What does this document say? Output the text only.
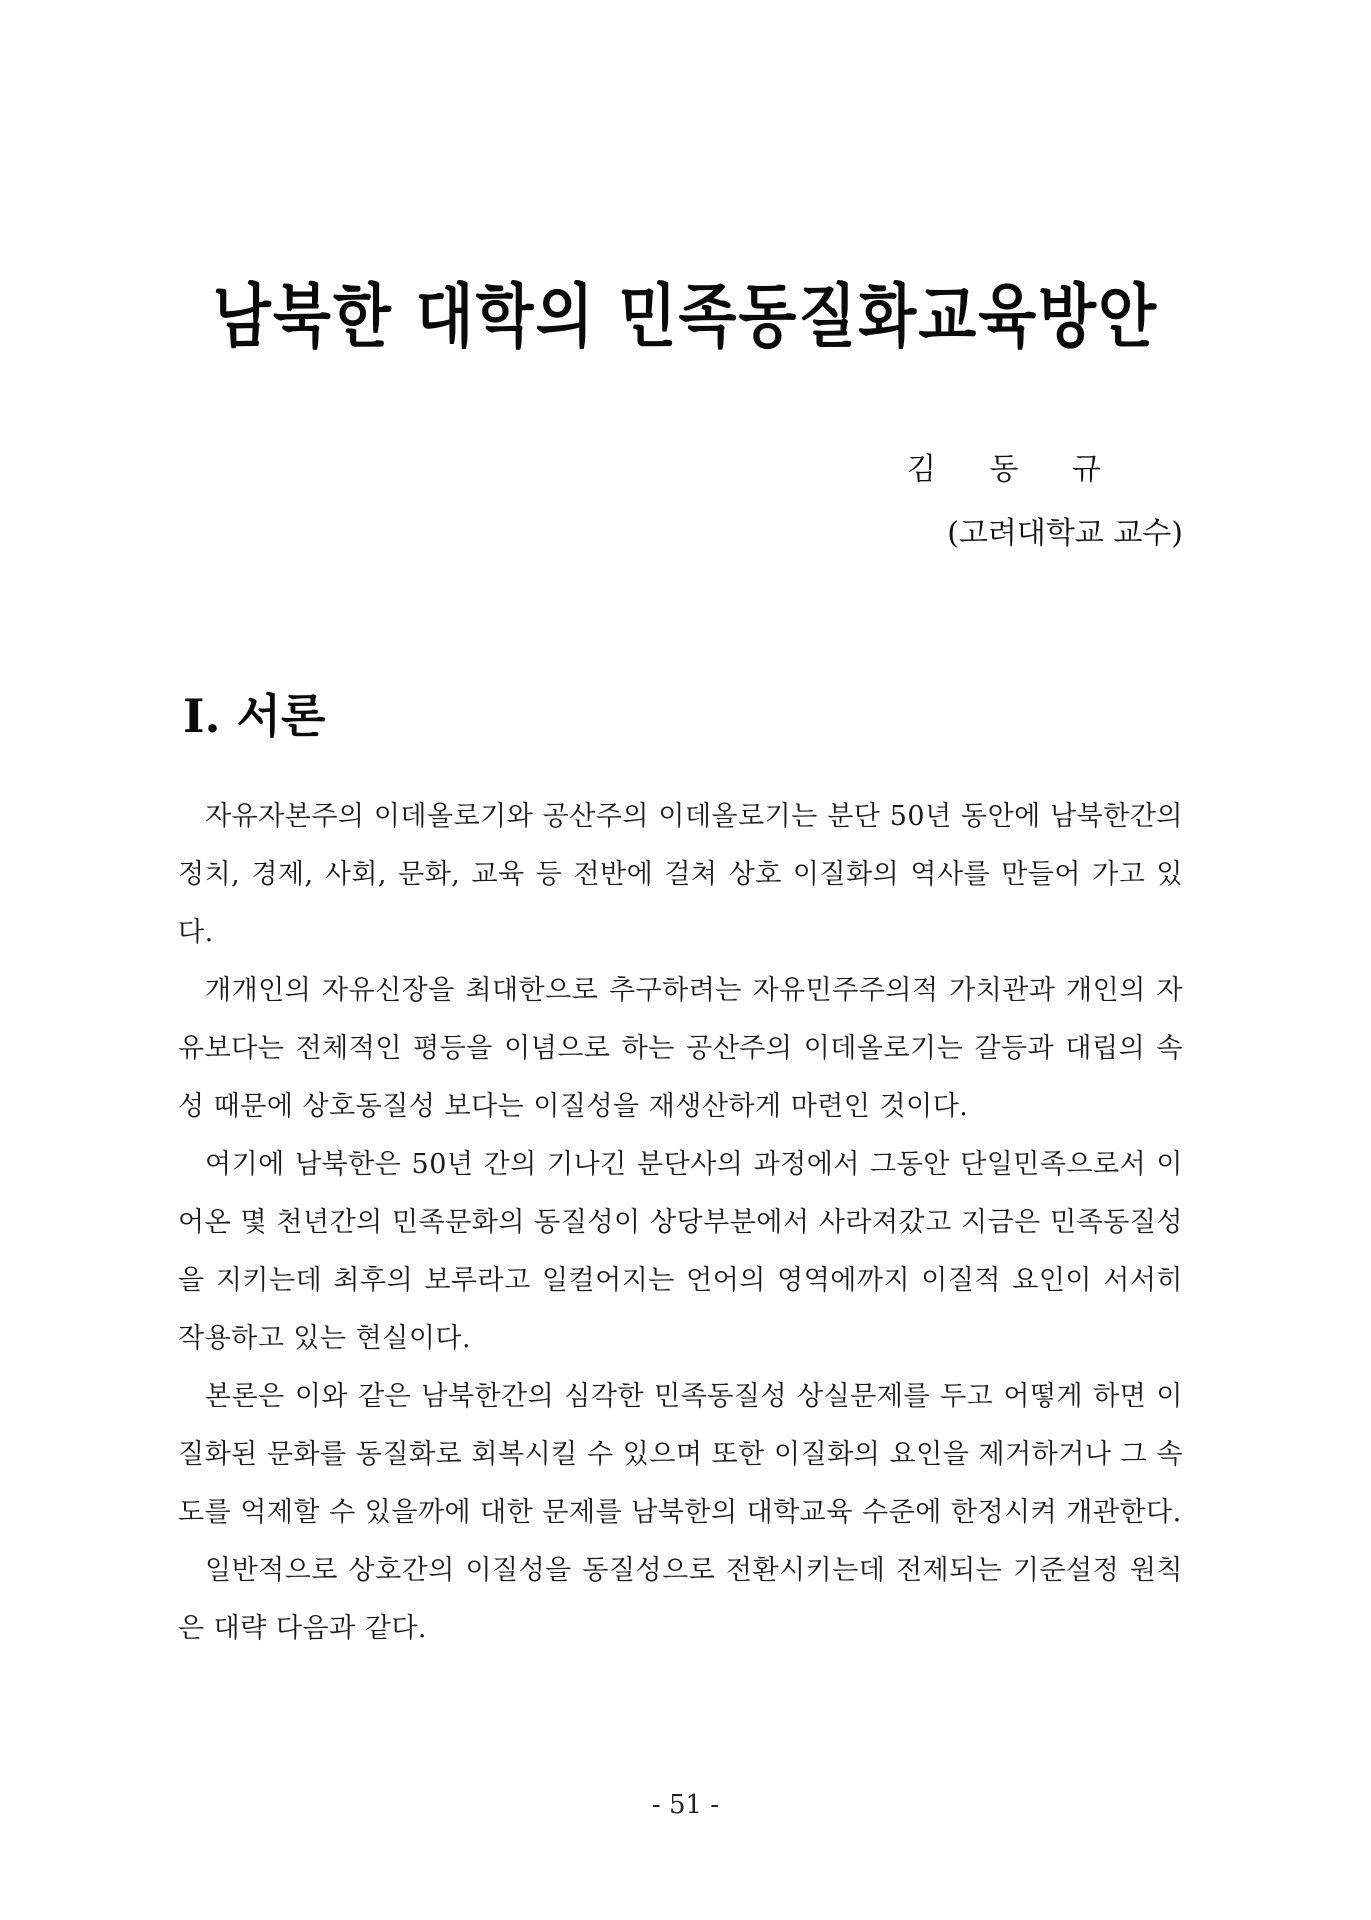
남북한 대학의 민족동질화교육방안
김 동 규
(고려대학교 교수)
Ⅰ. 서론

자유자본주의 이데올로기와 공산주의 이데올로기는 분단 50년 동안에 남북한간의 정치, 경제, 사회, 문화, 교육 등 전반에 걸쳐 상호 이질화의 역사를 만들어 가고 있다.

개개인의 자유신장을 최대한으로 추구하려는 자유민주주의적 가치관과 개인의 자유보다는 전체적인 평등을 이념으로 하는 공산주의 이데올로기는 갈등과 대립의 속성 때문에 상호동질성 보다는 이질성을 재생산하게 마련인 것이다.

여기에 남북한은 50년 간의 기나긴 분단사의 과정에서 그동안 단일민족으로서 이어온 몇 천년간의 민족문화의 동질성이 상당부분에서 사라져갔고 지금은 민족동질성을 지키는데 최후의 보루라고 일컬어지는 언어의 영역에까지 이질적 요인이 서서히 작용하고 있는 현실이다.

본론은 이와 같은 남북한간의 심각한 민족동질성 상실문제를 두고 어떻게 하면 이질화된 문화를 동질화로 회복시킬 수 있으며 또한 이질화의 요인을 제거하거나 그 속도를 억제할 수 있을까에 대한 문제를 남북한의 대학교육 수준에 한정시켜 개관한다.

일반적으로 상호간의 이질성을 동질성으로 전환시키는데 전제되는 기준설정 원칙은 대략 다음과 같다.

- 51 -
